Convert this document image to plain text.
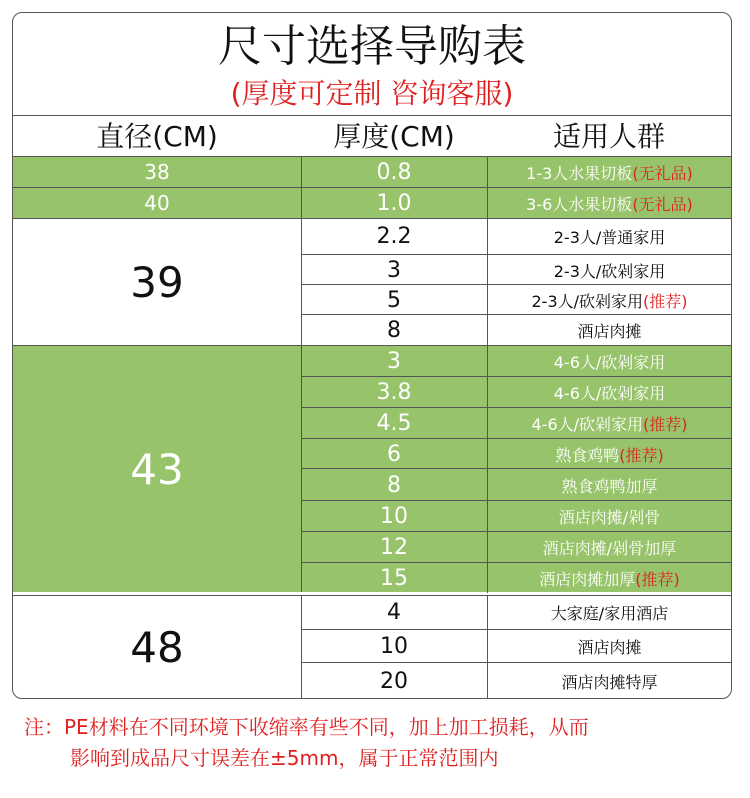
尺寸选择导购表
(厚度可定制 咨询客服)
直径(CM)	厚度(CM)	适用人群
38	0.8	1-3人水果切板 (无礼品)
40	1.0	3-6人水果切板 (无礼品)
39
2.2	2-3人/普通家用
3	2-3人/砍剁家用
5	2-3人/砍剁家用 (推荐)
8	酒店肉摊
43
3	4-6人/砍剁家用
3.8	4-6人/砍剁家用
4.5	4-6人/砍剁家用 (推荐)
6	熟食鸡鸭 (推荐)
8	熟食鸡鸭加厚
10	酒店肉摊/剁骨
12	酒店肉摊/剁骨加厚
15	酒店肉摊加厚 (推荐)
48
4	大家庭/家用酒店
10	酒店肉摊
20	酒店肉摊特厚
注：PE材料在不同环境下收缩率有些不同，加上加工损耗，从而
影响到成品尺寸误差在±5mm，属于正常范围内
